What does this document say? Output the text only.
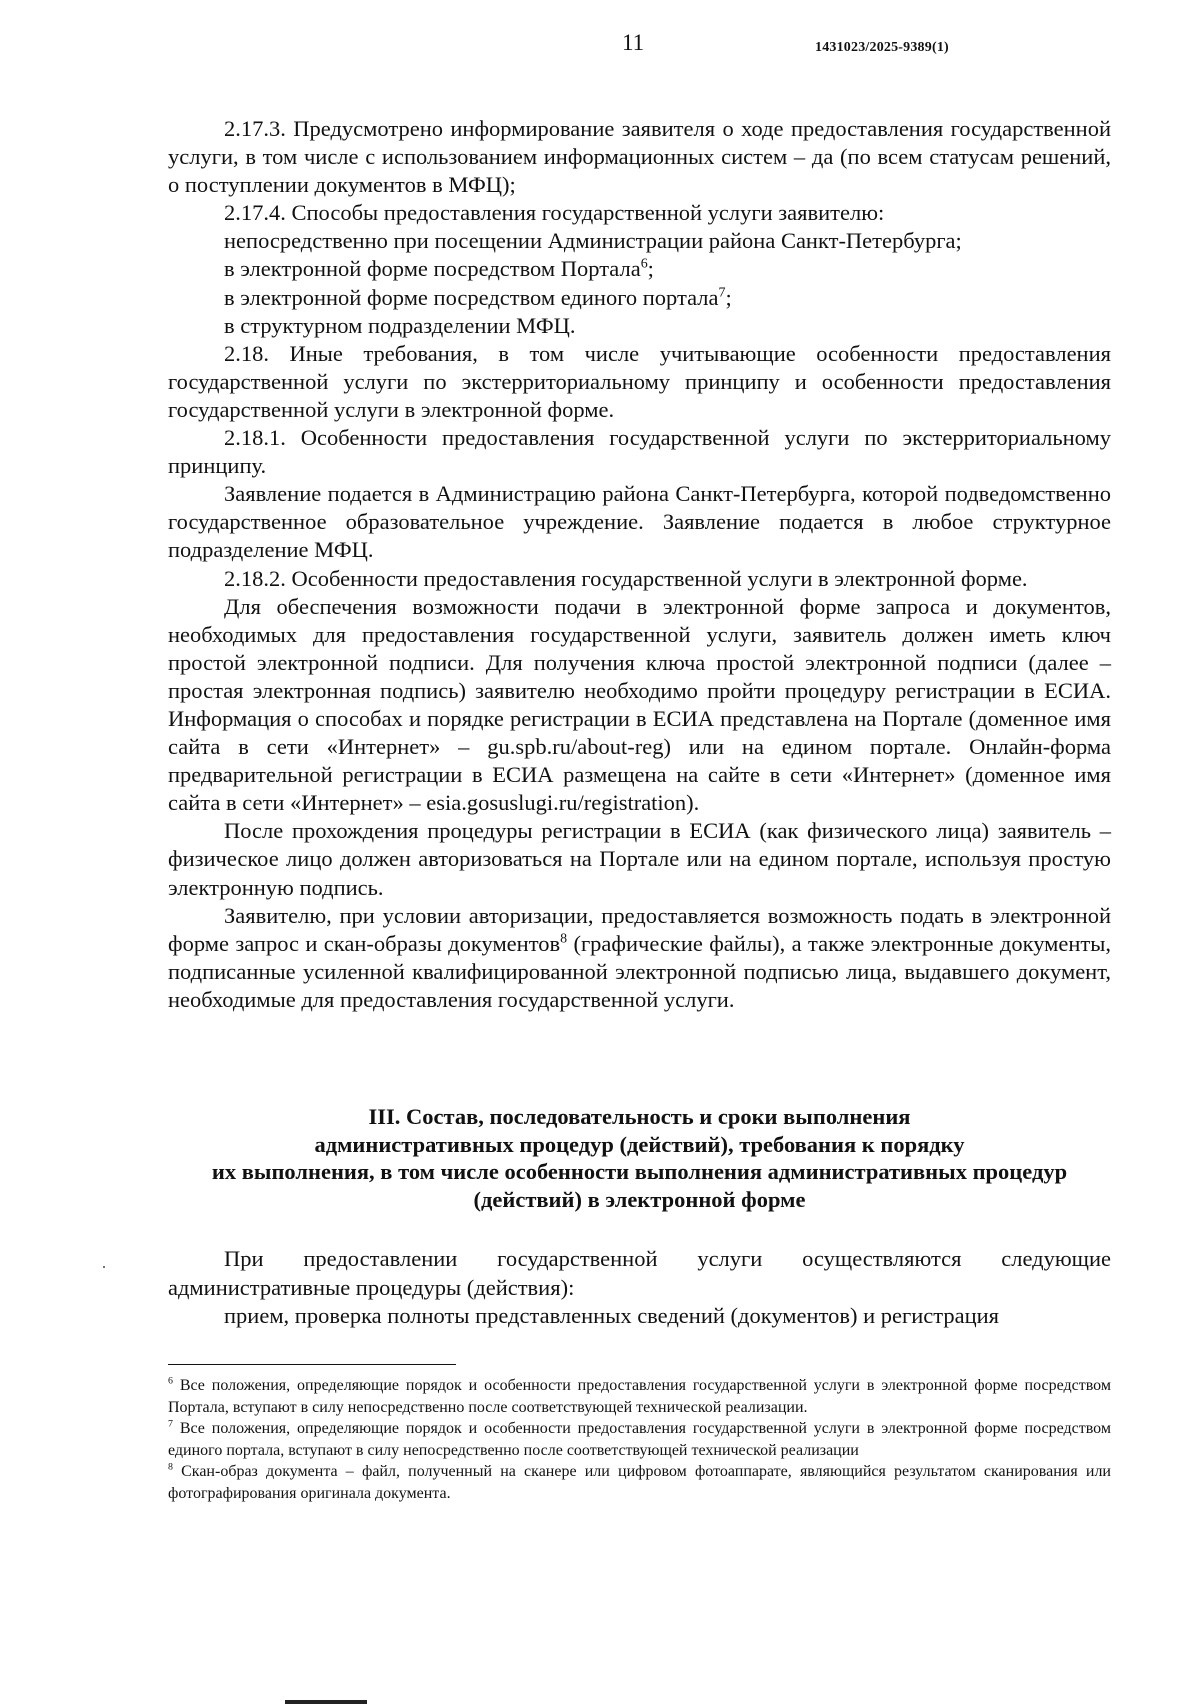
11	1431023/2025-9389(1)

2.17.3. Предусмотрено информирование заявителя о ходе предоставления государственной услуги, в том числе с использованием информационных систем – да (по всем статусам решений, о поступлении документов в МФЦ);

2.17.4. Способы предоставления государственной услуги заявителю:

непосредственно при посещении Администрации района Санкт-Петербурга;

в электронной форме посредством Портала$^6$;

в электронной форме посредством единого портала$^7$;

в структурном подразделении МФЦ.

2.18. Иные требования, в том числе учитывающие особенности предоставления государственной услуги по экстерриториальному принципу и особенности предоставления государственной услуги в электронной форме.

2.18.1. Особенности предоставления государственной услуги по экстерриториальному принципу.

Заявление подается в Администрацию района Санкт-Петербурга, которой подведомственно государственное образовательное учреждение. Заявление подается в любое структурное подразделение МФЦ.

2.18.2. Особенности предоставления государственной услуги в электронной форме.

Для обеспечения возможности подачи в электронной форме запроса и документов, необходимых для предоставления государственной услуги, заявитель должен иметь ключ простой электронной подписи. Для получения ключа простой электронной подписи (далее – простая электронная подпись) заявителю необходимо пройти процедуру регистрации в ЕСИА. Информация о способах и порядке регистрации в ЕСИА представлена на Портале (доменное имя сайта в сети «Интернет» – gu.spb.ru/about-reg) или на едином портале. Онлайн-форма предварительной регистрации в ЕСИА размещена на сайте в сети «Интернет» (доменное имя сайта в сети «Интернет» – esia.gosuslugi.ru/registration).

После прохождения процедуры регистрации в ЕСИА (как физического лица) заявитель – физическое лицо должен авторизоваться на Портале или на едином портале, используя простую электронную подпись.

Заявителю, при условии авторизации, предоставляется возможность подать в электронной форме запрос и скан-образы документов$^8$ (графические файлы), а также электронные документы, подписанные усиленной квалифицированной электронной подписью лица, выдавшего документ, необходимые для предоставления государственной услуги.

III. Состав, последовательность и сроки выполнения
административных процедур (действий), требования к порядку
их выполнения, в том числе особенности выполнения административных процедур
(действий) в электронной форме

При предоставлении государственной услуги осуществляются следующие административные процедуры (действия):

прием, проверка полноты представленных сведений (документов) и регистрация

$^6$ Все положения, определяющие порядок и особенности предоставления государственной услуги в электронной форме посредством Портала, вступают в силу непосредственно после соответствующей технической реализации.

$^7$ Все положения, определяющие порядок и особенности предоставления государственной услуги в электронной форме посредством единого портала, вступают в силу непосредственно после соответствующей технической реализации

$^8$ Скан-образ документа – файл, полученный на сканере или цифровом фотоаппарате, являющийся результатом сканирования или фотографирования оригинала документа.
